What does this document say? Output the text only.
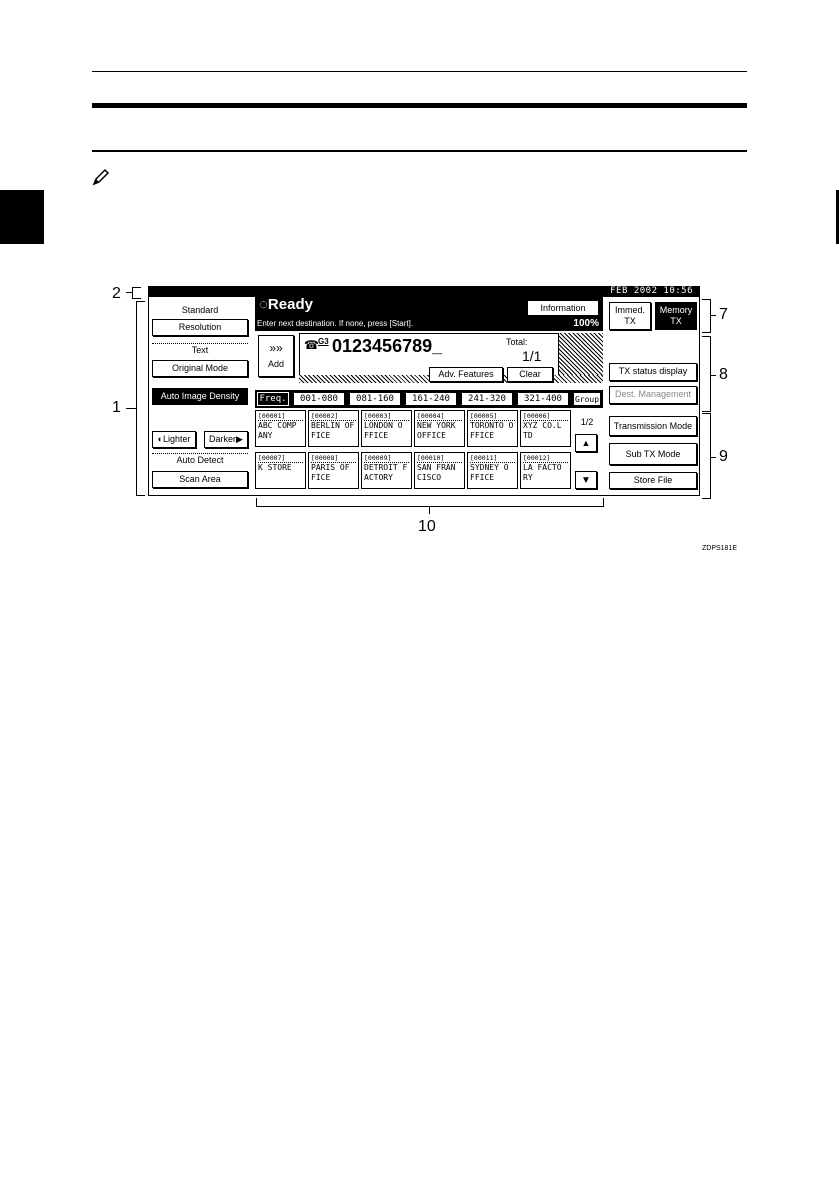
2
1
7
8
9
10
FEB 2002 10:56
◌Ready
Enter next destination. If none, press [Start].	100%
Information
Standard
Resolution
Text
Original Mode
Auto Image Density
◐Lighter	Darker▶
Auto Detect
Scan Area
»»
Add
☎ G3 0123456789_	Total:
1/1
Adv. Features	Clear
Immed.
TX
Memory
TX
TX status display
Dest. Management
Transmission Mode
Sub TX Mode
Store File
Freq.	001-080	081-160	161-240	241-320	321-400	Group
[00001]
ABC COMP ANY
[00002]
BERLIN OFFICE
[00003]
LONDON O FFICE
[00004]
NEW YORK OFFICE
[00005]
TORONTO OFFICE
[00006]
XYZ CO.L TD
[00007]
K STORE
[00008]
PARIS OF FICE
[00009]
DETROIT FACTORY
[00010]
SAN FRAN CISCO
[00011]
SYDNEY O FFICE
[00012]
LA FACTO RY
1/2
▲
▼
ZDPS181E
